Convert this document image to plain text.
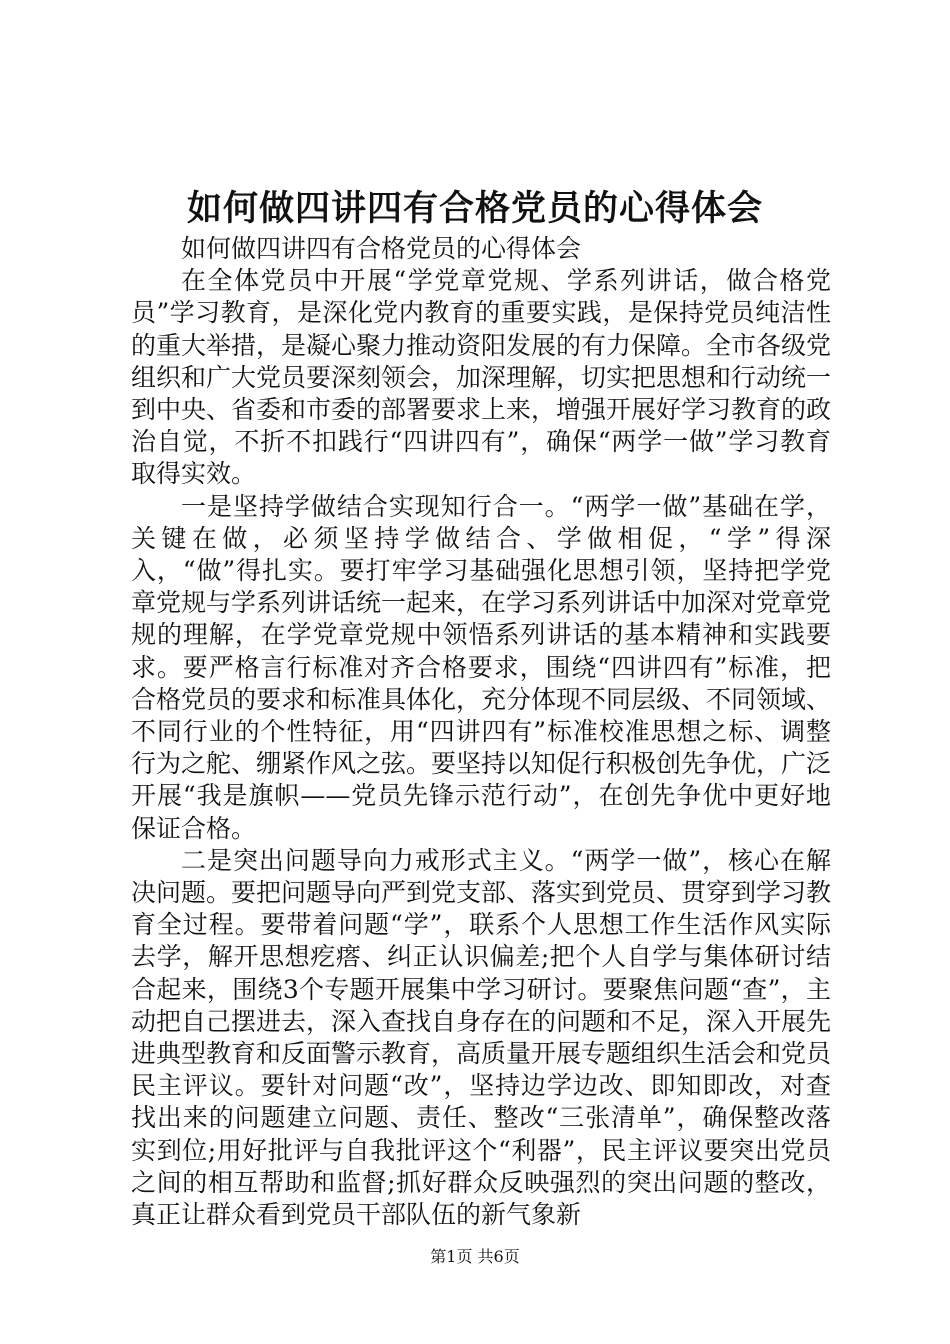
如何做四讲四有合格党员的心得体会

如何做四讲四有合格党员的心得体会

在全体党员中开展“学党章党规、学系列讲话，做合格党员”学习教育，是深化党内教育的重要实践，是保持党员纯洁性的重大举措，是凝心聚力推动资阳发展的有力保障。全市各级党组织和广大党员要深刻领会，加深理解，切实把思想和行动统一到中央、省委和市委的部署要求上来，增强开展好学习教育的政治自觉，不折不扣践行“四讲四有”，确保“两学一做”学习教育取得实效。

一是坚持学做结合实现知行合一。“两学一做”基础在学，关键在做，必须坚持学做结合、学做相促，“学”得深入，“做”得扎实。要打牢学习基础强化思想引领，坚持把学党章党规与学系列讲话统一起来，在学习系列讲话中加深对党章党规的理解，在学党章党规中领悟系列讲话的基本精神和实践要求。要严格言行标准对齐合格要求，围绕“四讲四有”标准，把合格党员的要求和标准具体化，充分体现不同层级、不同领域、不同行业的个性特征，用“四讲四有”标准校准思想之标、调整行为之舵、绷紧作风之弦。要坚持以知促行积极创先争优，广泛开展“我是旗帜——党员先锋示范行动”，在创先争优中更好地保证合格。

二是突出问题导向力戒形式主义。“两学一做”，核心在解决问题。要把问题导向严到党支部、落实到党员、贯穿到学习教育全过程。要带着问题“学”，联系个人思想工作生活作风实际去学，解开思想疙瘩、纠正认识偏差;把个人自学与集体研讨结合起来，围绕3个专题开展集中学习研讨。要聚焦问题“查”，主动把自己摆进去，深入查找自身存在的问题和不足，深入开展先进典型教育和反面警示教育，高质量开展专题组织生活会和党员民主评议。要针对问题“改”，坚持边学边改、即知即改，对查找出来的问题建立问题、责任、整改“三张清单”，确保整改落实到位;用好批评与自我批评这个“利器”，民主评议要突出党员之间的相互帮助和监督;抓好群众反映强烈的突出问题的整改，真正让群众看到党员干部队伍的新气象新

第1页 共6页
